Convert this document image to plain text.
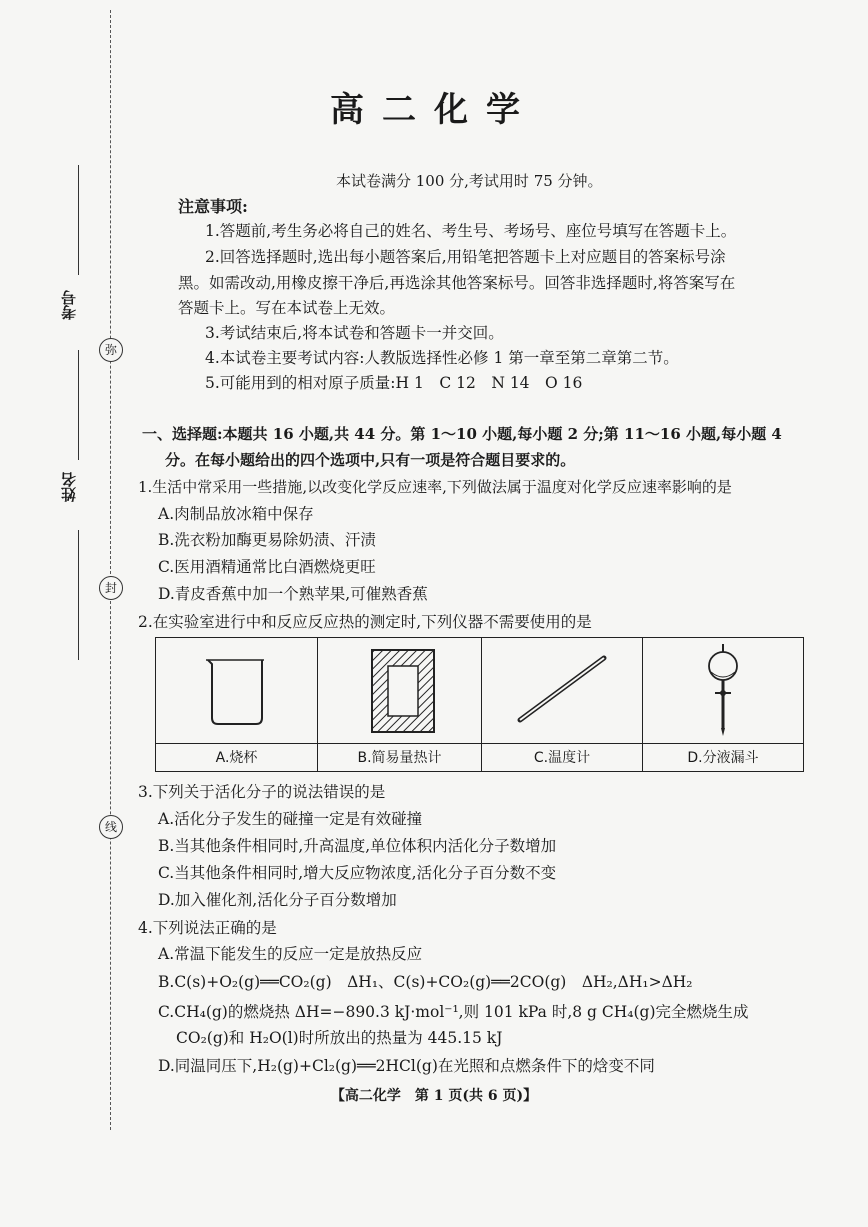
弥
封
线
考号
姓名
高二化学
本试卷满分 100 分,考试用时 75 分钟。
注意事项:
1.答题前,考生务必将自己的姓名、考生号、考场号、座位号填写在答题卡上。
2.回答选择题时,选出每小题答案后,用铅笔把答题卡上对应题目的答案标号涂
黑。如需改动,用橡皮擦干净后,再选涂其他答案标号。回答非选择题时,将答案写在
答题卡上。写在本试卷上无效。
3.考试结束后,将本试卷和答题卡一并交回。
4.本试卷主要考试内容:人教版选择性必修 1 第一章至第二章第二节。
5.可能用到的相对原子质量:H 1　C 12　N 14　O 16
一、选择题:本题共 16 小题,共 44 分。第 1～10 小题,每小题 2 分;第 11～16 小题,每小题 4
分。在每小题给出的四个选项中,只有一项是符合题目要求的。
1.生活中常采用一些措施,以改变化学反应速率,下列做法属于温度对化学反应速率影响的是
A.肉制品放冰箱中保存
B.洗衣粉加酶更易除奶渍、汗渍
C.医用酒精通常比白酒燃烧更旺
D.青皮香蕉中加一个熟苹果,可催熟香蕉
2.在实验室进行中和反应反应热的测定时,下列仪器不需要使用的是
A.烧杯	B.简易量热计	C.温度计	D.分液漏斗
3.下列关于活化分子的说法错误的是
A.活化分子发生的碰撞一定是有效碰撞
B.当其他条件相同时,升高温度,单位体积内活化分子数增加
C.当其他条件相同时,增大反应物浓度,活化分子百分数不变
D.加入催化剂,活化分子百分数增加
4.下列说法正确的是
A.常温下能发生的反应一定是放热反应
B.C(s)+O₂(g)══CO₂(g)　ΔH₁、C(s)+CO₂(g)══2CO(g)　ΔH₂,ΔH₁>ΔH₂
C.CH₄(g)的燃烧热 ΔH=−890.3 kJ·mol⁻¹,则 101 kPa 时,8 g CH₄(g)完全燃烧生成
CO₂(g)和 H₂O(l)时所放出的热量为 445.15 kJ
D.同温同压下,H₂(g)+Cl₂(g)══2HCl(g)在光照和点燃条件下的焓变不同
【高二化学　第 1 页(共 6 页)】
